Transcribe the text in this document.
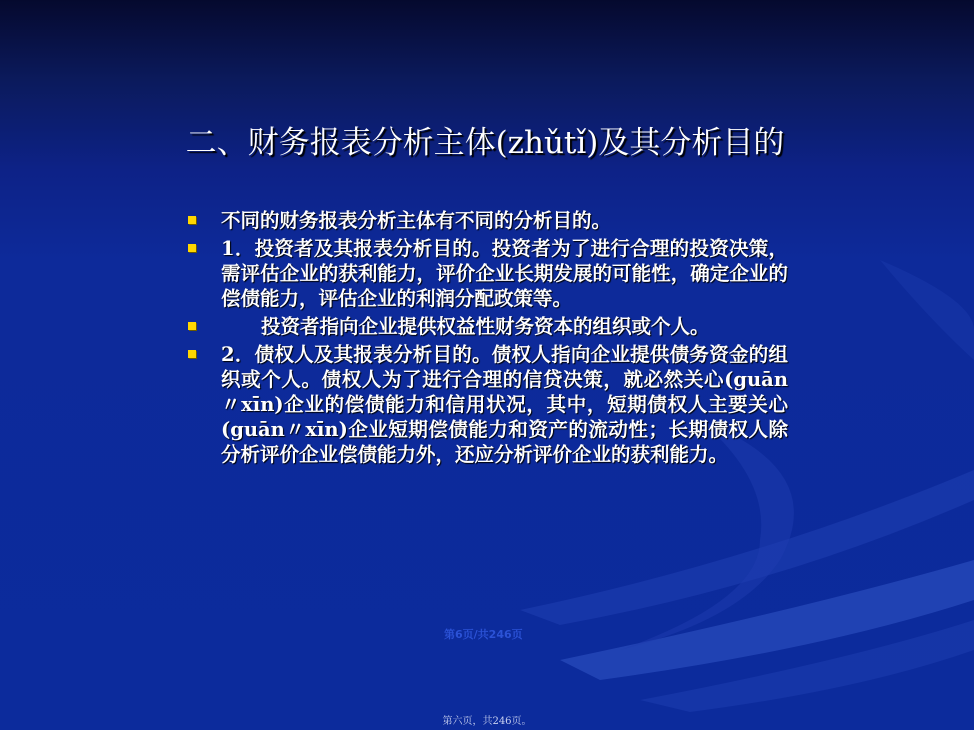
二、财务报表分析主体(zhǔtǐ)及其分析目的
不同的财务报表分析主体有不同的分析目的。
1．投资者及其报表分析目的。投资者为了进行合理的投资决策，需评估企业的获利能力，评价企业长期发展的可能性，确定企业的偿债能力，评估企业的利润分配政策等。
投资者指向企业提供权益性财务资本的组织或个人。
2．债权人及其报表分析目的。债权人指向企业提供债务资金的组织或个人。债权人为了进行合理的信贷决策，就必然关心(guān〃xīn)企业的偿债能力和信用状况，其中，短期债权人主要关心(guān〃xīn)企业短期偿债能力和资产的流动性；长期债权人除分析评价企业偿债能力外，还应分析评价企业的获利能力。
第6页/共246页
第六页，共246页。
